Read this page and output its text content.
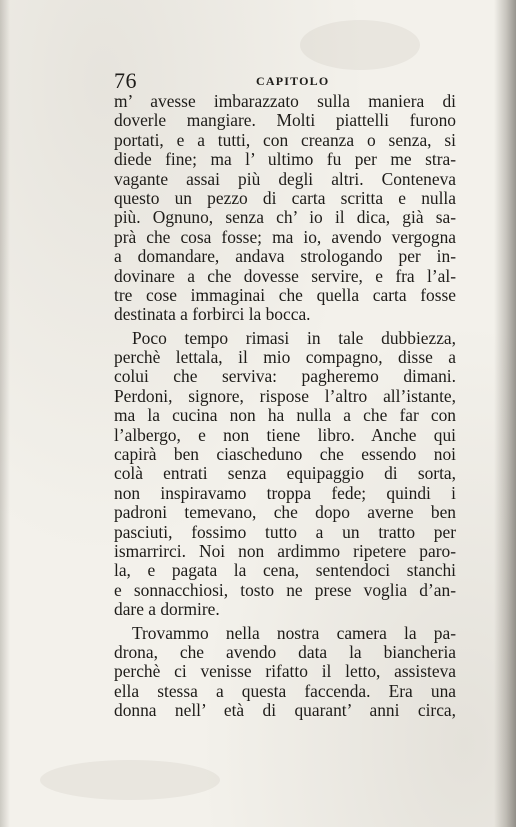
76	CAPITOLO
m’ avesse imbarazzato sulla maniera di
doverle mangiare. Molti piattelli furono
portati, e a tutti, con creanza o senza, si
diede fine; ma l’ ultimo fu per me stra-
vagante assai più degli altri. Conteneva
questo un pezzo di carta scritta e nulla
più. Ognuno, senza ch’ io il dica, già sa-
prà che cosa fosse; ma io, avendo vergogna
a domandare, andava strologando per in-
dovinare a che dovesse servire, e fra l’al-
tre cose immaginai che quella carta fosse
destinata a forbirci la bocca.
Poco tempo rimasi in tale dubbiezza,
perchè lettala, il mio compagno, disse a
colui che serviva: pagheremo dimani.
Perdoni, signore, rispose l’altro all’istante,
ma la cucina non ha nulla a che far con
l’albergo, e non tiene libro. Anche qui
capirà ben ciascheduno che essendo noi
colà entrati senza equipaggio di sorta,
non inspiravamo troppa fede; quindi i
padroni temevano, che dopo averne ben
pasciuti, fossimo tutto a un tratto per
ismarrirci. Noi non ardimmo ripetere paro-
la, e pagata la cena, sentendoci stanchi
e sonnacchiosi, tosto ne prese voglia d’an-
dare a dormire.
Trovammo nella nostra camera la pa-
drona, che avendo data la biancheria
perchè ci venisse rifatto il letto, assisteva
ella stessa a questa faccenda. Era una
donna nell’ età di quarant’ anni circa,
